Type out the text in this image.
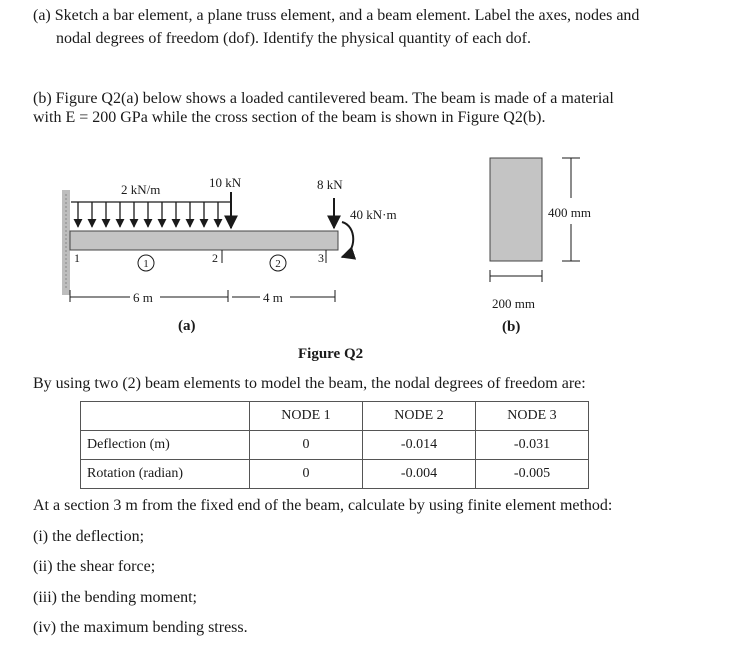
(a) Sketch a bar element, a plane truss element, and a beam element. Label the axes, nodes and
nodal degrees of freedom (dof). Identify the physical quantity of each dof.
(b) Figure Q2(a) below shows a loaded cantilevered beam. The beam is made of a material
with E = 200 GPa while the cross section of the beam is shown in Figure Q2(b).
2 kN/m	10 kN	8 kN
40 kN·m
1	2	3
1	2
6 m	4 m
(a)
400 mm
200 mm
(b)
Figure Q2
By using two (2) beam elements to model the beam, the nodal degrees of freedom are:
	NODE 1	NODE 2	NODE 3
Deflection (m)	0	-0.014	-0.031
Rotation (radian)	0	-0.004	-0.005
At a section 3 m from the fixed end of the beam, calculate by using finite element method:
(i) the deflection;
(ii) the shear force;
(iii) the bending moment;
(iv) the maximum bending stress.
